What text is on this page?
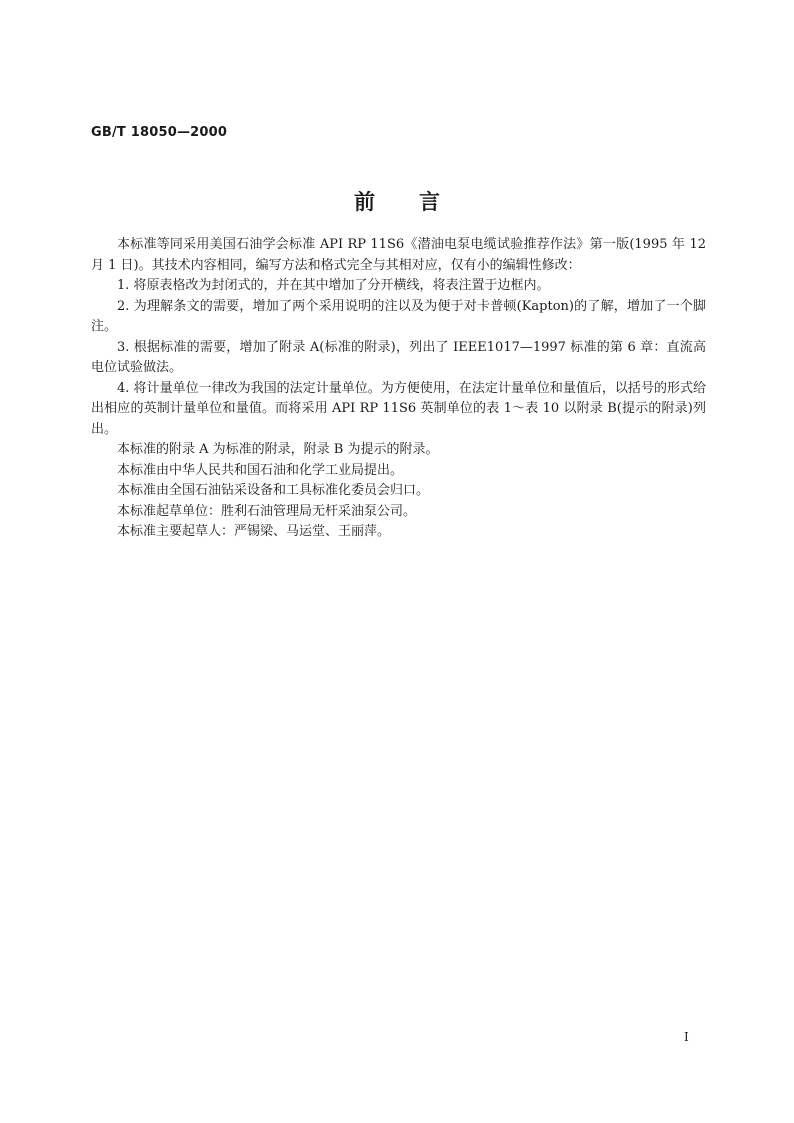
GB/T 18050—2000
前言

本标准等同采用美国石油学会标准 API RP 11S6《潜油电泵电缆试验推荐作法》第一版(1995 年 12 月 1 日)。其技术内容相同，编写方法和格式完全与其相对应，仅有小的编辑性修改：

1. 将原表格改为封闭式的，并在其中增加了分开横线，将表注置于边框内。

2. 为理解条文的需要，增加了两个采用说明的注以及为便于对卡普顿(Kapton)的了解，增加了一个脚注。

3. 根据标准的需要，增加了附录 A(标准的附录)，列出了 IEEE1017—1997 标准的第 6 章：直流高电位试验做法。

4. 将计量单位一律改为我国的法定计量单位。为方便使用，在法定计量单位和量值后，以括号的形式给出相应的英制计量单位和量值。而将采用 API RP 11S6 英制单位的表 1～表 10 以附录 B(提示的附录)列出。

本标准的附录 A 为标准的附录，附录 B 为提示的附录。

本标准由中华人民共和国石油和化学工业局提出。

本标准由全国石油钻采设备和工具标准化委员会归口。

本标准起草单位：胜利石油管理局无杆采油泵公司。

本标准主要起草人：严锡梁、马运堂、王丽萍。

I
